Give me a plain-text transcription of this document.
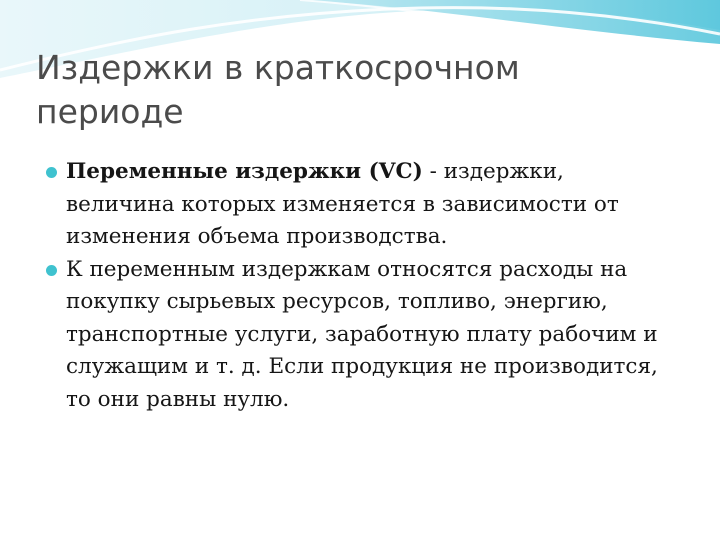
Издержки в краткосрочном периоде

Переменные издержки (VC) - издержки, величина которых изменяется в зависимости от изменения объема производства.

К переменным издержкам относятся расходы на покупку сырьевых ресурсов, топливо, энергию, транспортные услуги, заработную плату рабочим и служащим и т. д. Если продукция не производится, то они равны нулю.
